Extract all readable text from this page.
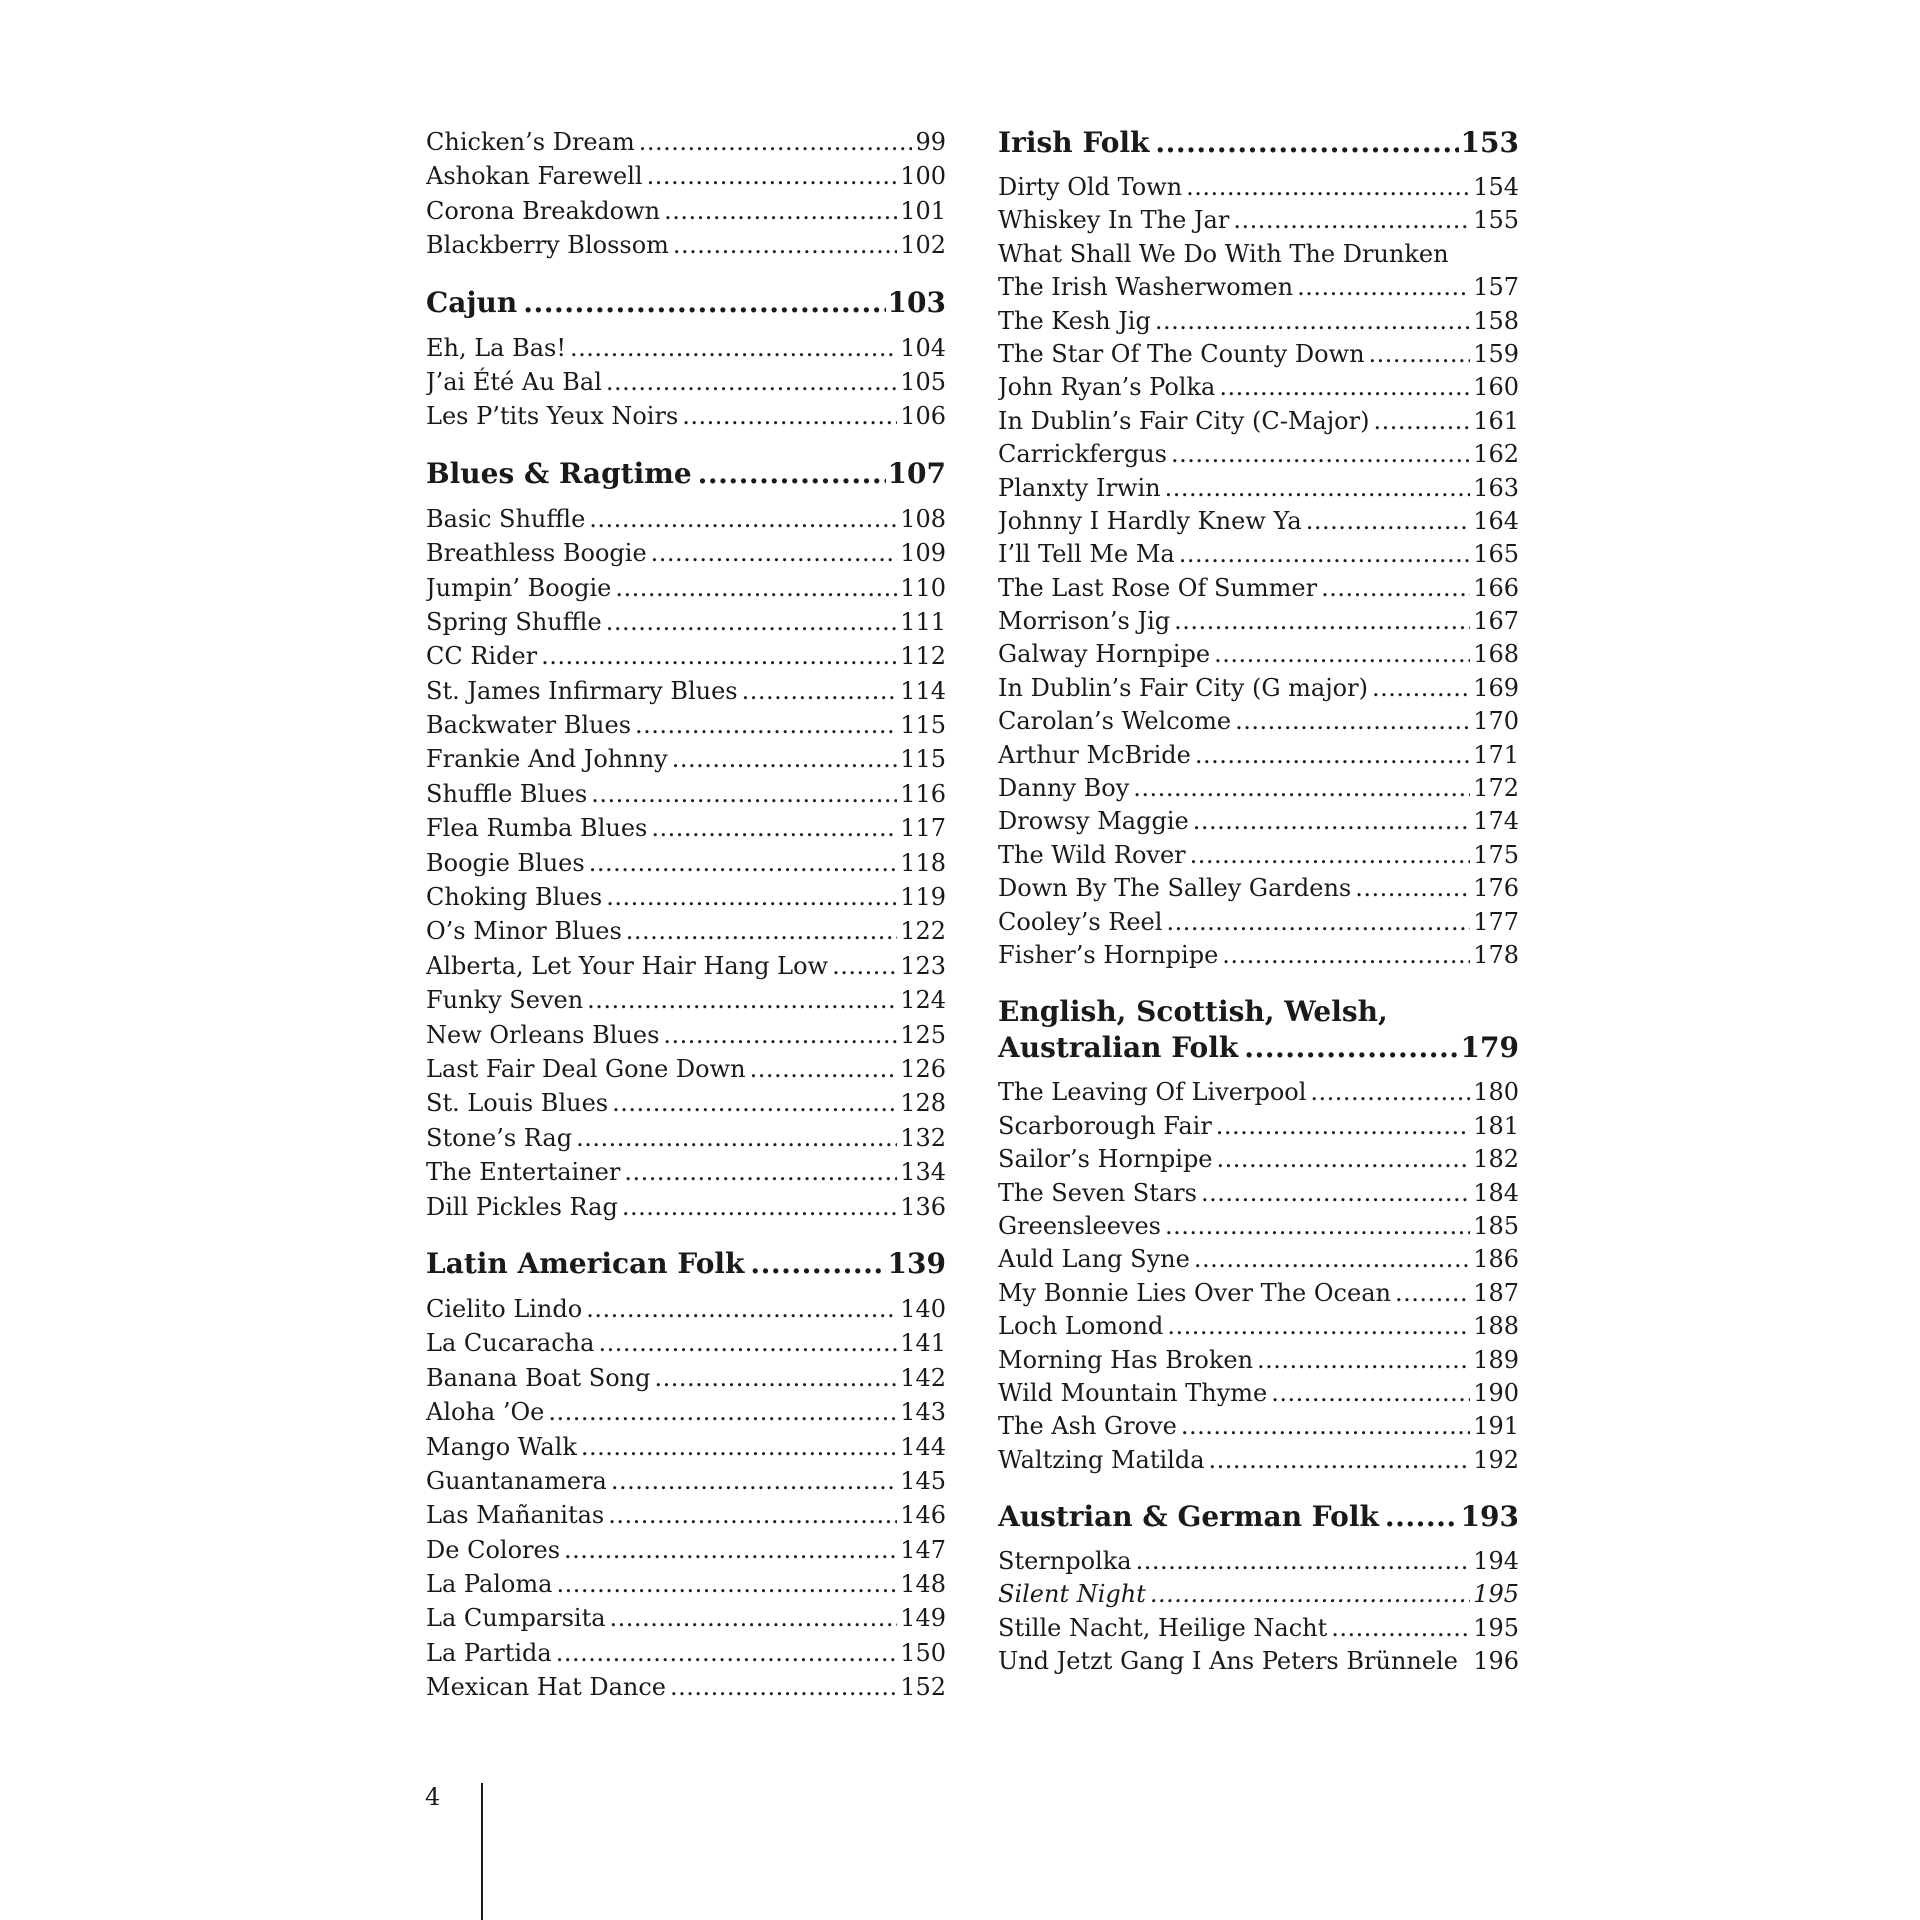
Chicken’s Dream .....	99
Ashokan Farewell .....	100
Corona Breakdown .....	101
Blackberry Blossom .....	102
Cajun .....	103
Eh, La Bas! .....	104
J’ai Été Au Bal .....	105
Les P’tits Yeux Noirs .....	106
Blues & Ragtime .....	107
Basic Shuffle .....	108
Breathless Boogie .....	109
Jumpin’ Boogie .....	110
Spring Shuffle .....	111
CC Rider .....	112
St. James Infirmary Blues .....	114
Backwater Blues .....	115
Frankie And Johnny .....	115
Shuffle Blues .....	116
Flea Rumba Blues .....	117
Boogie Blues .....	118
Choking Blues .....	119
O’s Minor Blues .....	122
Alberta, Let Your Hair Hang Low .....	123
Funky Seven .....	124
New Orleans Blues .....	125
Last Fair Deal Gone Down .....	126
St. Louis Blues .....	128
Stone’s Rag .....	132
The Entertainer .....	134
Dill Pickles Rag .....	136
Latin American Folk .....	139
Cielito Lindo .....	140
La Cucaracha .....	141
Banana Boat Song .....	142
Aloha ’Oe .....	143
Mango Walk .....	144
Guantanamera .....	145
Las Mañanitas .....	146
De Colores .....	147
La Paloma .....	148
La Cumparsita .....	149
La Partida .....	150
Mexican Hat Dance .....	152
Irish Folk .....	153
Dirty Old Town .....	154
Whiskey In The Jar .....	155
What Shall We Do With The Drunken
The Irish Washerwomen .....	157
The Kesh Jig .....	158
The Star Of The County Down .....	159
John Ryan’s Polka .....	160
In Dublin’s Fair City (C-Major) .....	161
Carrickfergus .....	162
Planxty Irwin .....	163
Johnny I Hardly Knew Ya .....	164
I’ll Tell Me Ma .....	165
The Last Rose Of Summer .....	166
Morrison’s Jig .....	167
Galway Hornpipe .....	168
In Dublin’s Fair City (G major) .....	169
Carolan’s Welcome .....	170
Arthur McBride .....	171
Danny Boy .....	172
Drowsy Maggie .....	174
The Wild Rover .....	175
Down By The Salley Gardens .....	176
Cooley’s Reel .....	177
Fisher’s Hornpipe .....	178
English, Scottish, Welsh,
Australian Folk .....	179
The Leaving Of Liverpool .....	180
Scarborough Fair .....	181
Sailor’s Hornpipe .....	182
The Seven Stars .....	184
Greensleeves .....	185
Auld Lang Syne .....	186
My Bonnie Lies Over The Ocean .....	187
Loch Lomond .....	188
Morning Has Broken .....	189
Wild Mountain Thyme .....	190
The Ash Grove .....	191
Waltzing Matilda .....	192
Austrian & German Folk .....	193
Sternpolka .....	194
Silent Night .....	195
Stille Nacht, Heilige Nacht .....	195
Und Jetzt Gang I Ans Peters Brünnele 196
4
